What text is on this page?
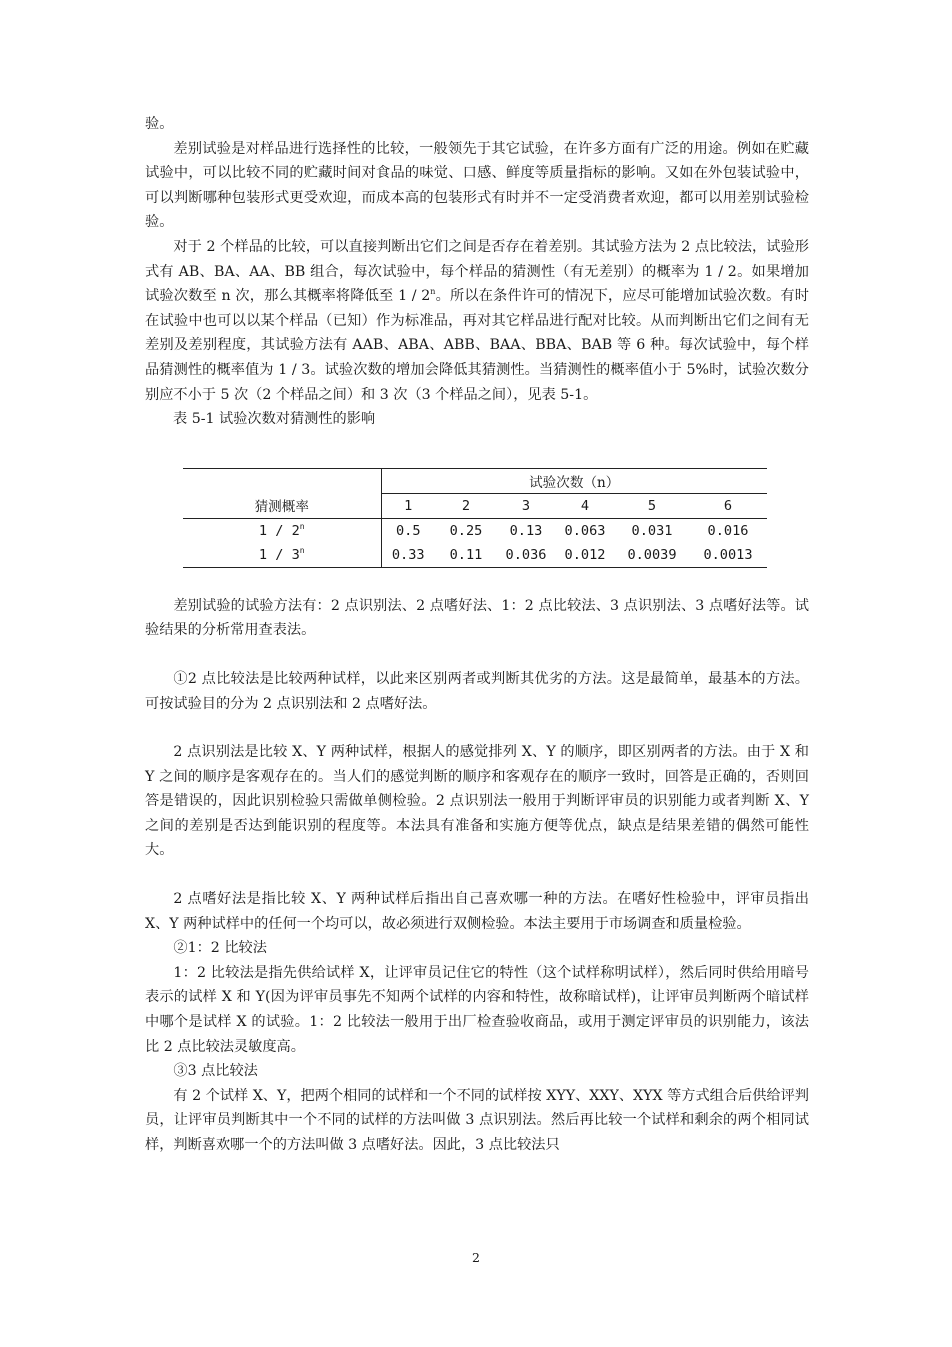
验。

差别试验是对样品进行选择性的比较，一般领先于其它试验，在许多方面有广泛的用途。例如在贮藏试验中，可以比较不同的贮藏时间对食品的味觉、口感、鲜度等质量指标的影响。又如在外包装试验中，可以判断哪种包装形式更受欢迎，而成本高的包装形式有时并不一定受消费者欢迎，都可以用差别试验检验。

对于 2 个样品的比较，可以直接判断出它们之间是否存在着差别。其试验方法为 2 点比较法，试验形式有 AB、BA、AA、BB 组合，每次试验中，每个样品的猜测性（有无差别）的概率为 1 / 2。如果增加试验次数至 n 次，那么其概率将降低至 1 / 2$^n$。所以在条件许可的情况下，应尽可能增加试验次数。有时在试验中也可以以某个样品（已知）作为标准品，再对其它样品进行配对比较。从而判断出它们之间有无差别及差别程度，其试验方法有 AAB、ABA、ABB、BAA、BBA、BAB 等 6 种。每次试验中，每个样品猜测性的概率值为 1 / 3。试验次数的增加会降低其猜测性。当猜测性的概率值小于 5%时，试验次数分别应不小于 5 次（2 个样品之间）和 3 次（3 个样品之间），见表 5-1。

表 5-1 试验次数对猜测性的影响

	试验次数（n）					
猜测概率	1	2	3	4	5	6
1 / 2$^n$	0.5	0.25	0.13	0.063	0.031	0.016
1 / 3$^n$	0.33	0.11	0.036	0.012	0.0039	0.0013

差别试验的试验方法有：2 点识别法、2 点嗜好法、1：2 点比较法、3 点识别法、3 点嗜好法等。试验结果的分析常用查表法。

①2 点比较法是比较两种试样，以此来区别两者或判断其优劣的方法。这是最简单，最基本的方法。可按试验目的分为 2 点识别法和 2 点嗜好法。

2 点识别法是比较 X、Y 两种试样，根据人的感觉排列 X、Y 的顺序，即区别两者的方法。由于 X 和 Y 之间的顺序是客观存在的。当人们的感觉判断的顺序和客观存在的顺序一致时，回答是正确的，否则回答是错误的，因此识别检验只需做单侧检验。2 点识别法一般用于判断评审员的识别能力或者判断 X、Y 之间的差别是否达到能识别的程度等。本法具有准备和实施方便等优点，缺点是结果差错的偶然可能性大。

2 点嗜好法是指比较 X、Y 两种试样后指出自己喜欢哪一种的方法。在嗜好性检验中，评审员指出 X、Y 两种试样中的任何一个均可以，故必须进行双侧检验。本法主要用于市场调查和质量检验。

②1：2 比较法

1：2 比较法是指先供给试样 X，让评审员记住它的特性（这个试样称明试样），然后同时供给用暗号表示的试样 X 和 Y(因为评审员事先不知两个试样的内容和特性，故称暗试样)，让评审员判断两个暗试样中哪个是试样 X 的试验。1：2 比较法一般用于出厂检查验收商品，或用于测定评审员的识别能力，该法比 2 点比较法灵敏度高。

③3 点比较法

有 2 个试样 X、Y，把两个相同的试样和一个不同的试样按 XYY、XXY、XYX 等方式组合后供给评判员，让评审员判断其中一个不同的试样的方法叫做 3 点识别法。然后再比较一个试样和剩余的两个相同试样，判断喜欢哪一个的方法叫做 3 点嗜好法。因此，3 点比较法只

2
